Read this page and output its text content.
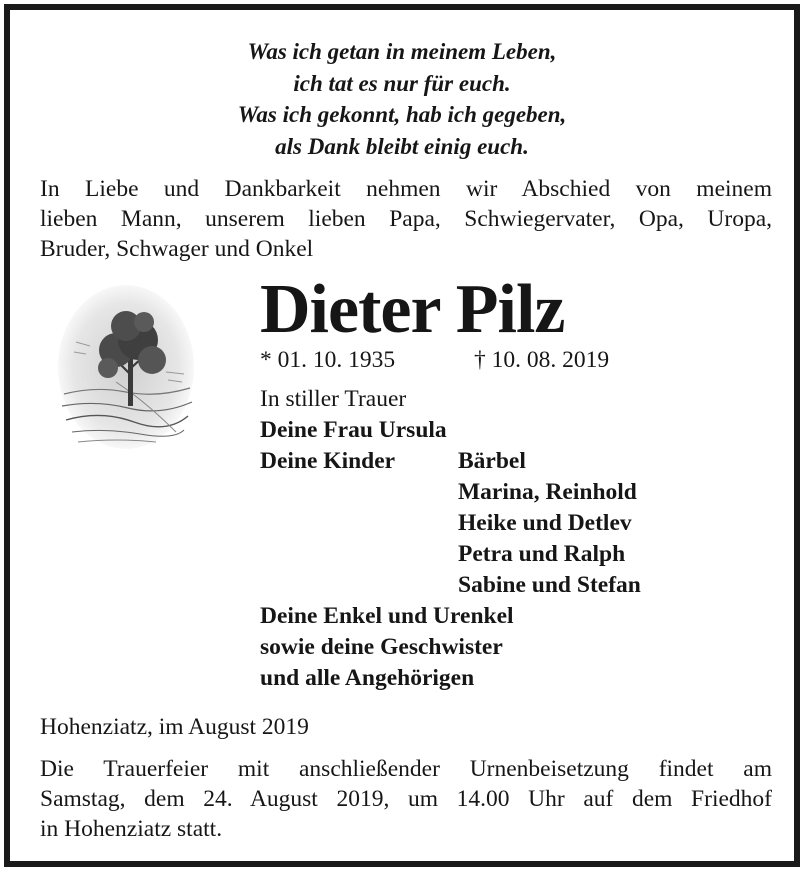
Was ich getan in meinem Leben,
ich tat es nur für euch.
Was ich gekonnt, hab ich gegeben,
als Dank bleibt einig euch.
In Liebe und Dankbarkeit nehmen wir Abschied von meinem
lieben Mann, unserem lieben Papa, Schwiegervater, Opa, Uropa,
Bruder, Schwager und Onkel
Dieter Pilz
* 01. 10. 1935	† 10. 08. 2019
In stiller Trauer
Deine Frau Ursula
Deine Kinder	Bärbel
Marina, Reinhold
Heike und Detlev
Petra und Ralph
Sabine und Stefan
Deine Enkel und Urenkel
sowie deine Geschwister
und alle Angehörigen
Hohenziatz, im August 2019
Die Trauerfeier mit anschließender Urnenbeisetzung findet am
Samstag, dem 24. August 2019, um 14.00 Uhr auf dem Friedhof
in Hohenziatz statt.
